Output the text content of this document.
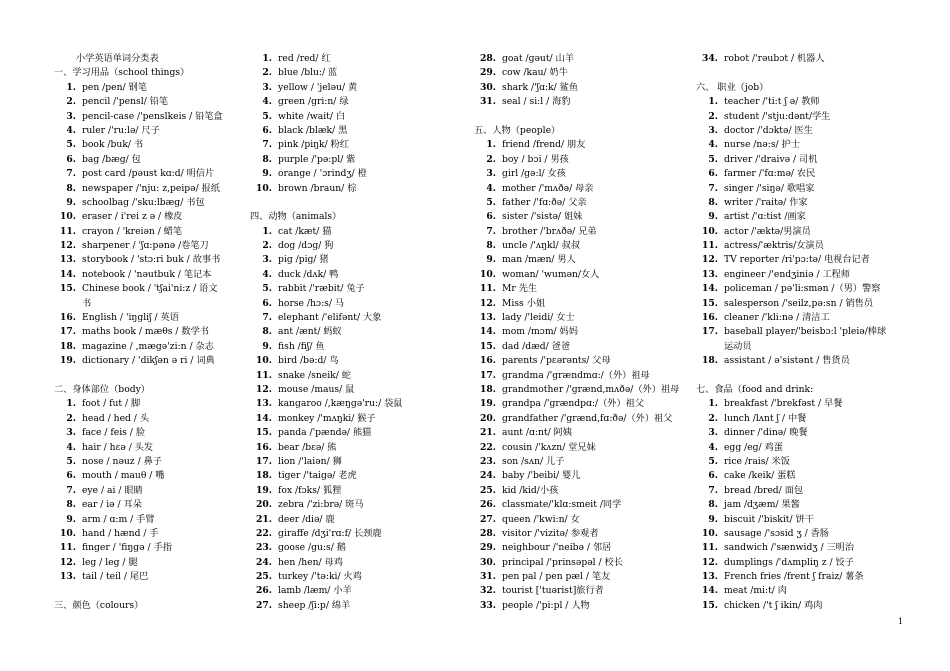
小学英语单词分类表
一、学习用品（school things）
1. pen /pen/ 钢笔
2. pencil /'pensl/ 铅笔
3. pencil-case /'penslkeis / 铅笔盒
4. ruler /'ru:lə/ 尺子
5. book /buk/ 书
6. bag /bæg/ 包
7. post card /pəust kɑ:d/ 明信片
8. newspaper /'nju: z,peipə/ 报纸
9. schoolbag /'sku:lbæg/ 书包
10. eraser / i'rei z ə / 橡皮
11. crayon / 'kreiən / 蜡笔
12. sharpener / 'ʃɑ:pənə /卷笔刀
13. storybook / 'stɔ:ri buk / 故事书
14. notebook / 'nəutbuk / 笔记本
15. Chinese book / 'tʃai'ni:z / 语文
书
16. English / 'iŋgliʃ / 英语
17. maths book / mæθs / 数学书
18. magazine / ,mægə'zi:n / 杂志
19. dictionary / 'dikʃən ə ri / 词典
二、身体部位（body）
1. foot / fut / 脚
2. head / hed / 头
3. face / feis / 脸
4. hair / hɛə / 头发
5. nose / nəuz / 鼻子
6. mouth / mauθ / 嘴
7. eye / ai / 眼睛
8. ear / iə / 耳朵
9. arm / ɑ:m / 手臂
10. hand / hænd / 手
11. finger / 'fiŋgə / 手指
12. leg / leg / 腿
13. tail / teil / 尾巴
三、颜色（colours）
1. red /red/ 红
2. blue /blu:/ 蓝
3. yellow / 'jeləu/ 黄
4. green /gri:n/ 绿
5. white /wait/ 白
6. black /blæk/ 黑
7. pink /piŋk/ 粉红
8. purple /'pə:pl/ 紫
9. orange / 'ɔrindʒ/ 橙
10. brown /braun/ 棕
四、动物（animals）
1. cat /kæt/ 猫
2. dog /dɔg/ 狗
3. pig /pig/ 猪
4. duck /dʌk/ 鸭
5. rabbit /'ræbit/ 兔子
6. horse /hɔ:s/ 马
7. elephant /'elifənt/ 大象
8. ant /ænt/ 蚂蚁
9. fish /fiʃ/ 鱼
10. bird /bə:d/ 鸟
11. snake /sneik/ 蛇
12. mouse /maus/ 鼠
13. kangaroo /,kæŋgə'ru:/ 袋鼠
14. monkey /'mʌŋki/ 猴子
15. panda /'pændə/ 熊猫
16. bear /bɛə/ 熊
17. lion /'laiən/ 狮
18. tiger /'taigə/ 老虎
19. fox /fɔks/ 狐狸
20. zebra /'zi:brə/ 斑马
21. deer /diə/ 鹿
22. giraffe /dʒi'rɑ:f/ 长颈鹿
23. goose /gu:s/ 鹅
24. hen /hen/ 母鸡
25. turkey /'tə:ki/ 火鸡
26. lamb /læm/ 小羊
27. sheep /ʃi:p/ 绵羊
28. goat /gəut/ 山羊
29. cow /kau/ 奶牛
30. shark /'ʃɑ:k/ 鲨鱼
31. seal / si:l / 海豹
五、人物（people）
1. friend /frend/ 朋友
2. boy / bɔi / 男孩
3. girl /gə:l/ 女孩
4. mother /'mʌðə/ 母亲
5. father /'fɑ:ðə/ 父亲
6. sister /'sistə/ 姐妹
7. brother /'brʌðə/ 兄弟
8. uncle /'ʌŋkl/ 叔叔
9. man /mæn/ 男人
10. woman/ 'wumən/女人
11. Mr 先生
12. Miss 小姐
13. lady /'leidi/ 女士
14. mom /mɔm/ 妈妈
15. dad /dæd/ 爸爸
16. parents /'pɛərənts/ 父母
17. grandma /'grændmɑ:/（外）祖母
18. grandmother /'grænd,mʌðə/（外）祖母
19. grandpa /'grændpɑ:/（外）祖父
20. grandfather /'grænd,fɑ:ðə/（外）祖父
21. aunt /ɑ:nt/ 阿姨
22. cousin /'kʌzn/ 堂兄妹
23. son /sʌn/ 儿子
24. baby /'beibi/ 婴儿
25. kid /kid/小孩
26. classmate/'klɑ:smeit /同学
27. queen /'kwi:n/ 女
28. visitor /'vizitə/ 参观者
29. neighbour /'neibə / 邻居
30. principal /'prinsəpəl / 校长
31. pen pal / pen pæl / 笔友
32. tourist ['tuərist]旅行者
33. people /'pi:pl / 人物
34. robot /'rəubɔt / 机器人
六、 职业（job）
1. teacher /'ti:t ʃ ə/ 教师
2. student /'stju:dənt/学生
3. doctor /'dɔktə/ 医生
4. nurse /nə:s/ 护士
5. driver /'draivə / 司机
6. farmer /'fɑ:mə/ 农民
7. singer /'siŋə/ 歌唱家
8. writer /'raitə/ 作家
9. artist /'ɑ:tist /画家
10. actor /'æktə/男演员
11. actress/'æktris/女演员
12. TV reporter /ri'pɔ:tə/ 电视台记者
13. engineer /'endʒiniə / 工程师
14. policeman / pə'li:smən /（男）警察
15. salesperson /'seilz,pə:sn / 销售员
16. cleaner /'kli:nə / 清洁工
17. baseball player/'beisbɔ:l 'pleiə/棒球
运动员
18. assistant / ə'sistənt / 售货员
七、食品（food and drink:
1. breakfast /'brekfəst / 早餐
2. lunch /lʌnt ʃ / 中餐
3. dinner /'dinə/ 晚餐
4. egg /eg/ 鸡蛋
5. rice /rais/ 米饭
6. cake /keik/ 蛋糕
7. bread /bred/ 面包
8. jam /dʒæm/ 果酱
9. biscuit /'biskit/ 饼干
10. sausage /'sɔsid ʒ / 香肠
11. sandwich /'sænwidʒ / 三明治
12. dumplings /'dʌmpliŋ z / 饺子
13. French fries /frent ʃ fraiz/ 薯条
14. meat /mi:t/ 肉
15. chicken /'t ʃ ikin/ 鸡肉
1
